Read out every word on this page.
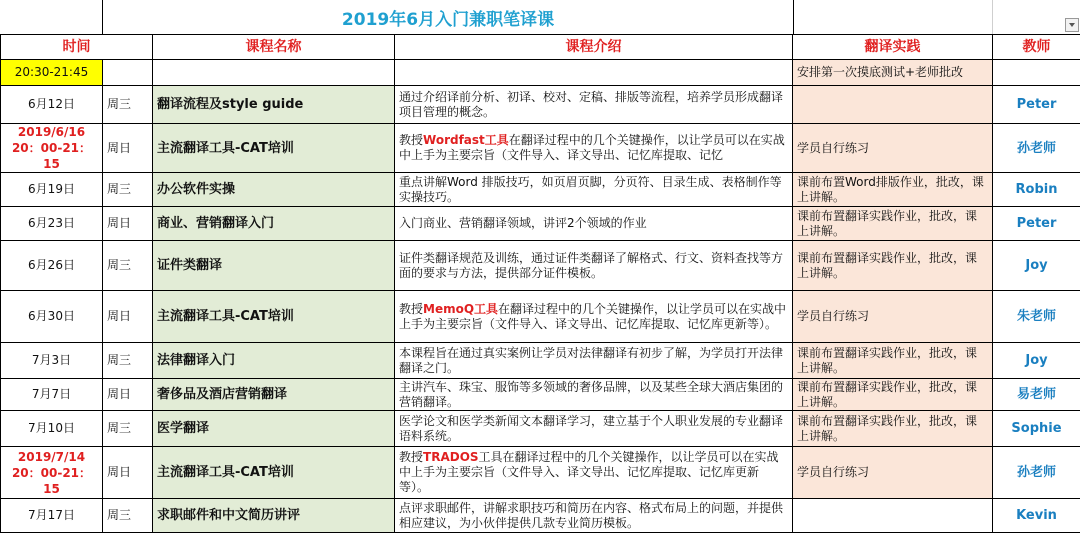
2019年6月入门兼职笔译课
时间		课程名称	课程介绍	翻译实践	教师
20:30-21:45				安排第一次摸底测试+老师批改	
6月12日	周三	翻译流程及style guide	通过介绍译前分析、初译、校对、定稿、排版等流程，培养学员形成翻译项目管理的概念。		Peter
2019/6/16
20：00-21：15	周日	主流翻译工具-CAT培训	教授Wordfast工具在翻译过程中的几个关键操作，以让学员可以在实战中上手为主要宗旨（文件导入、译文导出、记忆库提取、记忆	学员自行练习	孙老师
6月19日	周三	办公软件实操	重点讲解Word 排版技巧，如页眉页脚，分页符、目录生成、表格制作等实操技巧。	课前布置Word排版作业，批改，课上讲解。	Robin
6月23日	周日	商业、营销翻译入门	入门商业、营销翻译领域，讲评2个领域的作业	课前布置翻译实践作业，批改，课上讲解。	Peter
6月26日	周三	证件类翻译	证件类翻译规范及训练，通过证件类翻译了解格式、行文、资料查找等方面的要求与方法，提供部分证件模板。	课前布置翻译实践作业，批改，课上讲解。	Joy
6月30日	周日	主流翻译工具-CAT培训	教授MemoQ工具在翻译过程中的几个关键操作，以让学员可以在实战中上手为主要宗旨（文件导入、译文导出、记忆库提取、记忆库更新等）。	学员自行练习	朱老师
7月3日	周三	法律翻译入门	本课程旨在通过真实案例让学员对法律翻译有初步了解，为学员打开法律翻译之门。	课前布置翻译实践作业，批改，课上讲解。	Joy
7月7日	周日	奢侈品及酒店营销翻译	主讲汽车、珠宝、服饰等多领域的奢侈品牌，以及某些全球大酒店集团的营销翻译。	课前布置翻译实践作业，批改，课上讲解。	易老师
7月10日	周三	医学翻译	医学论文和医学类新闻文本翻译学习，建立基于个人职业发展的专业翻译语料系统。	课前布置翻译实践作业，批改，课上讲解。	Sophie
2019/7/14
20：00-21：15	周日	主流翻译工具-CAT培训	教授TRADOS工具在翻译过程中的几个关键操作，以让学员可以在实战中上手为主要宗旨（文件导入、译文导出、记忆库提取、记忆库更新等）。	学员自行练习	孙老师
7月17日	周三	求职邮件和中文简历讲评	点评求职邮件，讲解求职技巧和简历在内容、格式布局上的问题，并提供相应建议，为小伙伴提供几款专业简历模板。		Kevin
